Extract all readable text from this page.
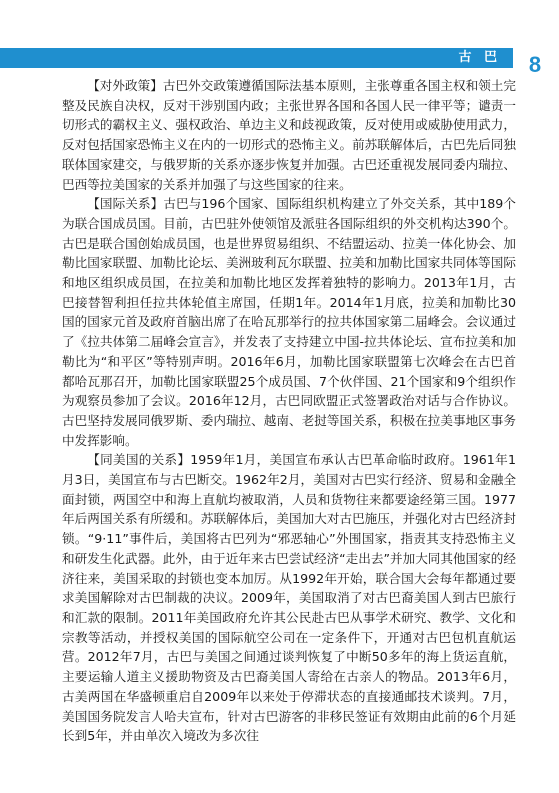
古 巴	8

【对外政策】古巴外交政策遵循国际法基本原则，主张尊重各国主权和领土完整及民族自决权，反对干涉别国内政；主张世界各国和各国人民一律平等；谴责一切形式的霸权主义、强权政治、单边主义和歧视政策，反对使用或威胁使用武力，反对包括国家恐怖主义在内的一切形式的恐怖主义。前苏联解体后，古巴先后同独联体国家建交，与俄罗斯的关系亦逐步恢复并加强。古巴还重视发展同委内瑞拉、巴西等拉美国家的关系并加强了与这些国家的往来。

【国际关系】古巴与196个国家、国际组织机构建立了外交关系，其中189个为联合国成员国。目前，古巴驻外使领馆及派驻各国际组织的外交机构达390个。古巴是联合国创始成员国，也是世界贸易组织、不结盟运动、拉美一体化协会、加勒比国家联盟、加勒比论坛、美洲玻利瓦尔联盟、拉美和加勒比国家共同体等国际和地区组织成员国，在拉美和加勒比地区发挥着独特的影响力。2013年1月，古巴接替智利担任拉共体轮值主席国，任期1年。2014年1月底，拉美和加勒比30国的国家元首及政府首脑出席了在哈瓦那举行的拉共体国家第二届峰会。会议通过了《拉共体第二届峰会宣言》，并发表了支持建立中国-拉共体论坛、宣布拉美和加勒比为“和平区”等特别声明。2016年6月，加勒比国家联盟第七次峰会在古巴首都哈瓦那召开，加勒比国家联盟25个成员国、7个伙伴国、21个国家和9个组织作为观察员参加了会议。2016年12月，古巴同欧盟正式签署政治对话与合作协议。古巴坚持发展同俄罗斯、委内瑞拉、越南、老挝等国关系，积极在拉美事地区事务中发挥影响。

【同美国的关系】1959年1月，美国宣布承认古巴革命临时政府。1961年1月3日，美国宣布与古巴断交。1962年2月，美国对古巴实行经济、贸易和金融全面封锁，两国空中和海上直航均被取消，人员和货物往来都要途经第三国。1977年后两国关系有所缓和。苏联解体后，美国加大对古巴施压，并强化对古巴经济封锁。“9·11”事件后，美国将古巴列为“邪恶轴心”外围国家，指责其支持恐怖主义和研发生化武器。此外，由于近年来古巴尝试经济“走出去”并加大同其他国家的经济往来，美国采取的封锁也变本加厉。从1992年开始，联合国大会每年都通过要求美国解除对古巴制裁的决议。2009年，美国取消了对古巴裔美国人到古巴旅行和汇款的限制。2011年美国政府允许其公民赴古巴从事学术研究、教学、文化和宗教等活动，并授权美国的国际航空公司在一定条件下，开通对古巴包机直航运营。2012年7月，古巴与美国之间通过谈判恢复了中断50多年的海上货运直航，主要运输人道主义援助物资及古巴裔美国人寄给在古亲人的物品。2013年6月，古美两国在华盛顿重启自2009年以来处于停滞状态的直接通邮技术谈判。7月，美国国务院发言人哈夫宣布，针对古巴游客的非移民签证有效期由此前的6个月延长到5年，并由单次入境改为多次往
